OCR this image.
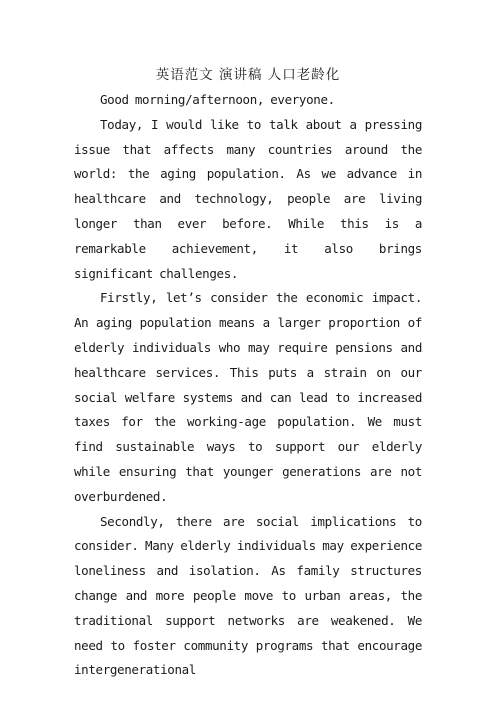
英语范文 演讲稿 人口老龄化

Good morning/afternoon, everyone.

Today, I would like to talk about a pressing issue that affects many countries around the world: the aging population. As we advance in healthcare and technology, people are living longer than ever before. While this is a remarkable achievement, it also brings significant challenges.

Firstly, let’s consider the economic impact. An aging population means a larger proportion of elderly individuals who may require pensions and healthcare services. This puts a strain on our social welfare systems and can lead to increased taxes for the working-age population. We must find sustainable ways to support our elderly while ensuring that younger generations are not overburdened.

Secondly, there are social implications to consider. Many elderly individuals may experience loneliness and isolation. As family structures change and more people move to urban areas, the traditional support networks are weakened. We need to foster community programs that encourage intergenerational
